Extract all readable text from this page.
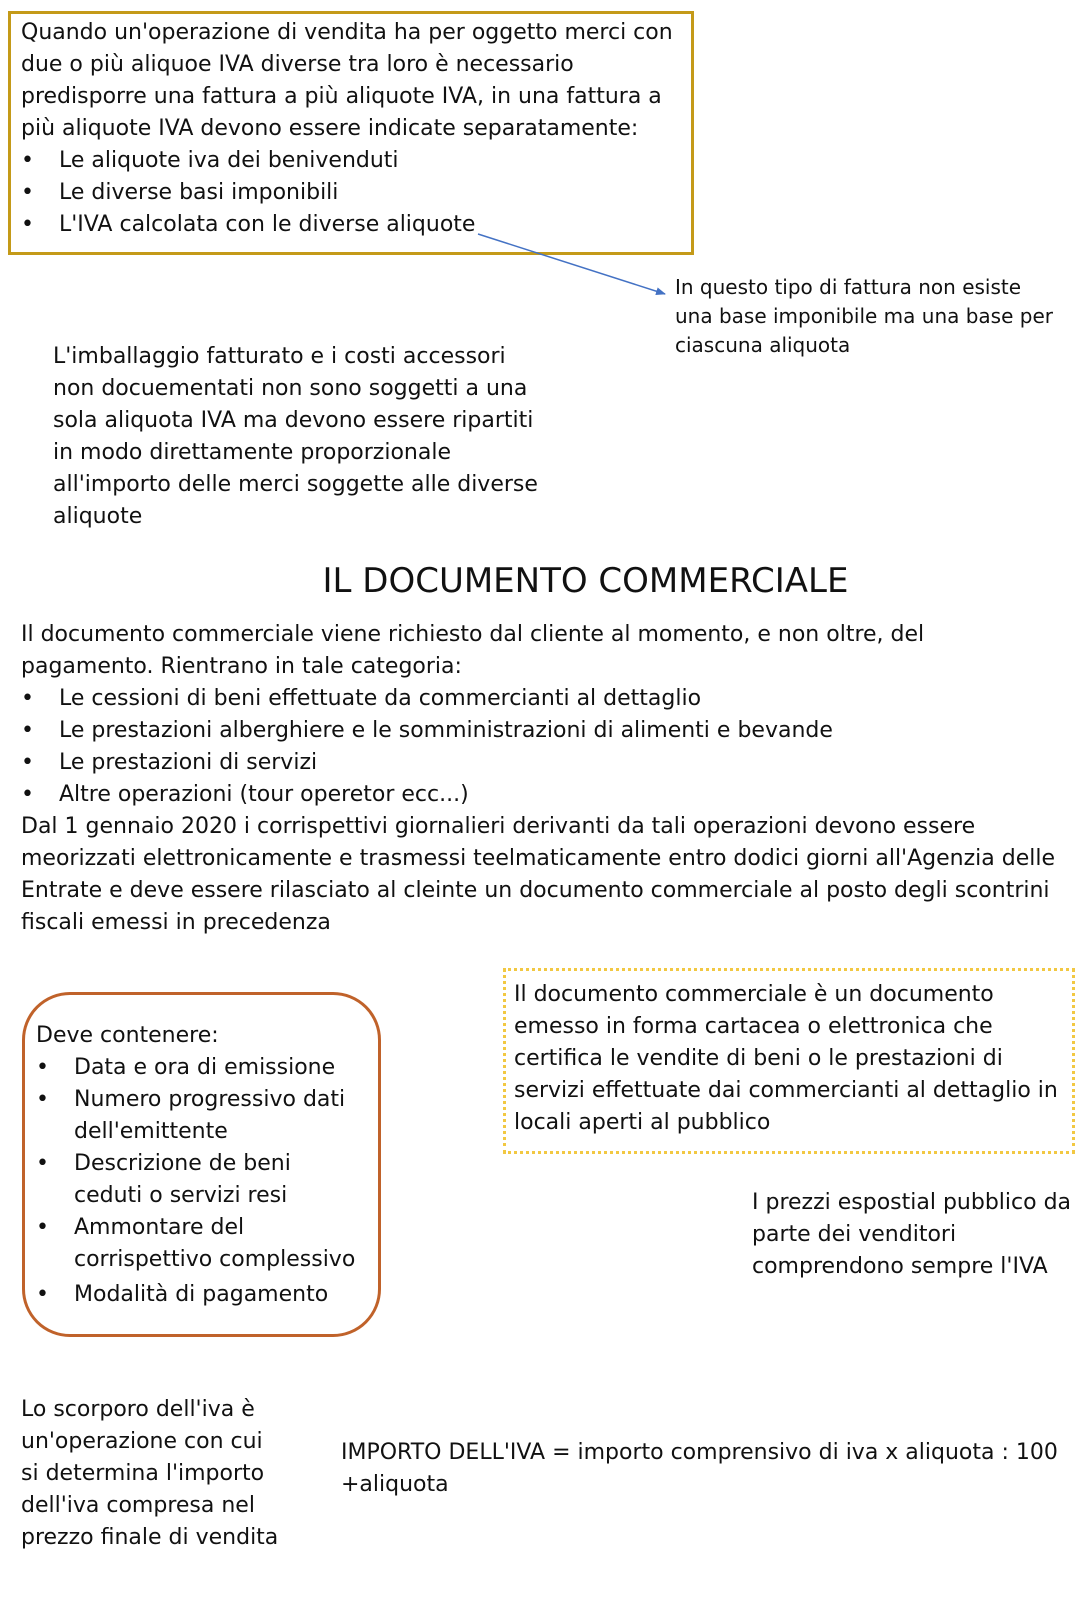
Quando un'operazione di vendita ha per oggetto merci con due o più aliquoe IVA diverse tra loro è necessario predisporre una fattura a più aliquote IVA, in una fattura a più aliquote IVA devono essere indicate separatamente:

• Le aliquote iva dei benivenduti
• Le diverse basi imponibili
• L'IVA calcolata con le diverse aliquote
In questo tipo di fattura non esiste una base imponibile ma una base per ciascuna aliquota
L'imballaggio fatturato e i costi accessori non docuementati non sono soggetti a una sola aliquota IVA ma devono essere ripartiti in modo direttamente proporzionale all'importo delle merci soggette alle diverse aliquote
IL DOCUMENTO COMMERCIALE

Il documento commerciale viene richiesto dal cliente al momento, e non oltre, del pagamento. Rientrano in tale categoria:

• Le cessioni di beni effettuate da commercianti al dettaglio
• Le prestazioni alberghiere e le somministrazioni di alimenti e bevande
• Le prestazioni di servizi
• Altre operazioni (tour operetor ecc...)

Dal 1 gennaio 2020 i corrispettivi giornalieri derivanti da tali operazioni devono essere meorizzati elettronicamente e trasmessi teelmaticamente entro dodici giorni all'Agenzia delle Entrate e deve essere rilasciato al cleinte un documento commerciale al posto degli scontrini fiscali emessi in precedenza

Deve contenere:

• Data e ora di emissione
• Numero progressivo dati dell'emittente
• Descrizione de beni ceduti o servizi resi
• Ammontare del corrispettivo complessivo
• Modalità di pagamento
Il documento commerciale è un documento emesso in forma cartacea o elettronica che certifica le vendite di beni o le prestazioni di servizi effettuate dai commercianti al dettaglio in locali aperti al pubblico
I prezzi espostial pubblico da parte dei venditori comprendono sempre l'IVA
Lo scorporo dell'iva è un'operazione con cui si determina l'importo dell'iva compresa nel prezzo finale di vendita
IMPORTO DELL'IVA = importo comprensivo di iva x aliquota : 100 +aliquota
